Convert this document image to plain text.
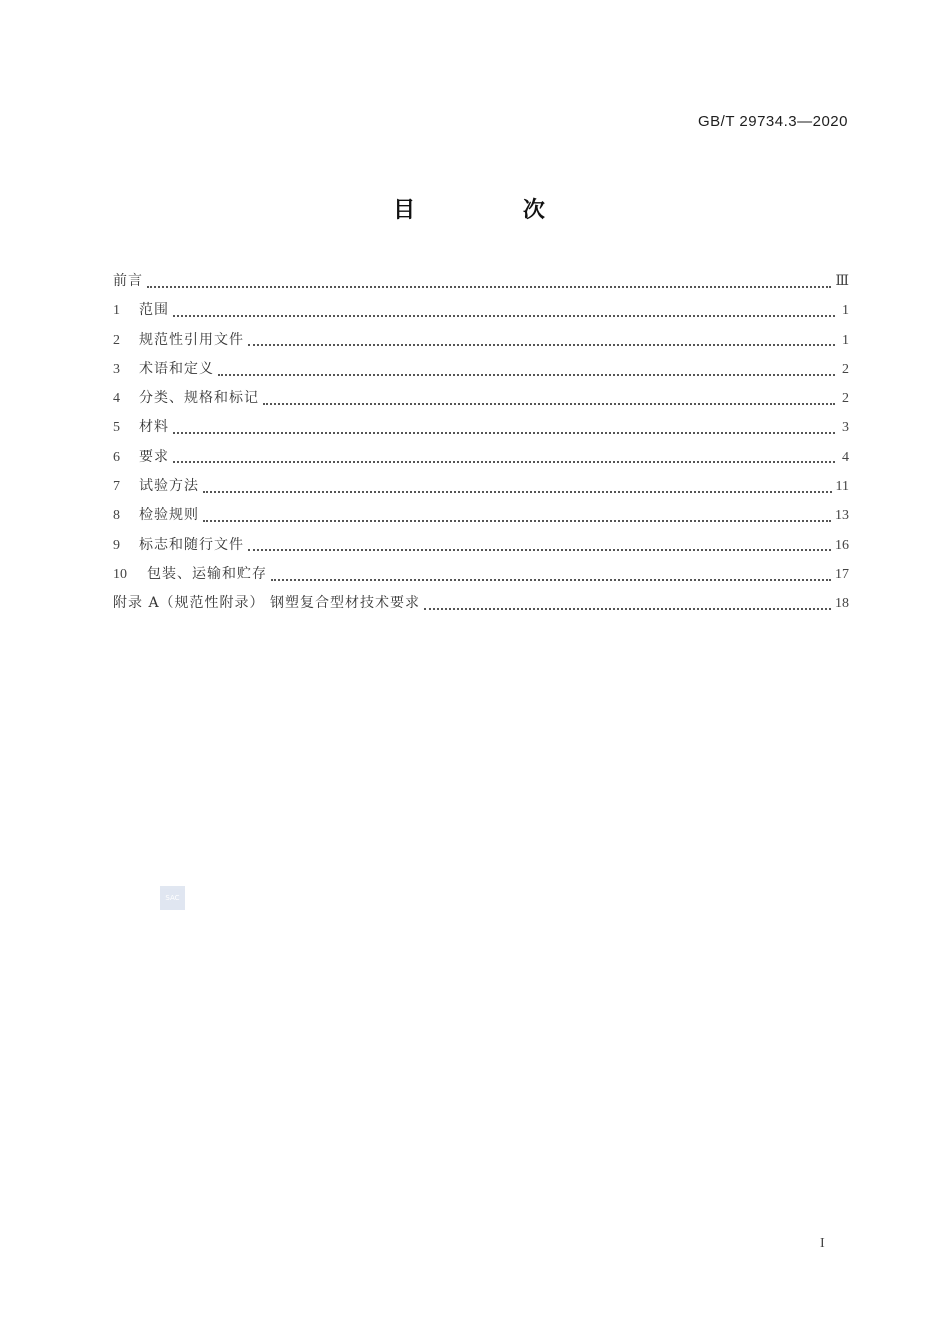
GB/T 29734.3—2020
目 次
前言	Ⅲ
1	范围	1
2	规范性引用文件	1
3	术语和定义	2
4	分类、规格和标记	2
5	材料	3
6	要求	4
7	试验方法	11
8	检验规则	13
9	标志和随行文件	16
10	包装、运输和贮存	17
附录 A（规范性附录） 钢塑复合型材技术要求	18
SAC
I
